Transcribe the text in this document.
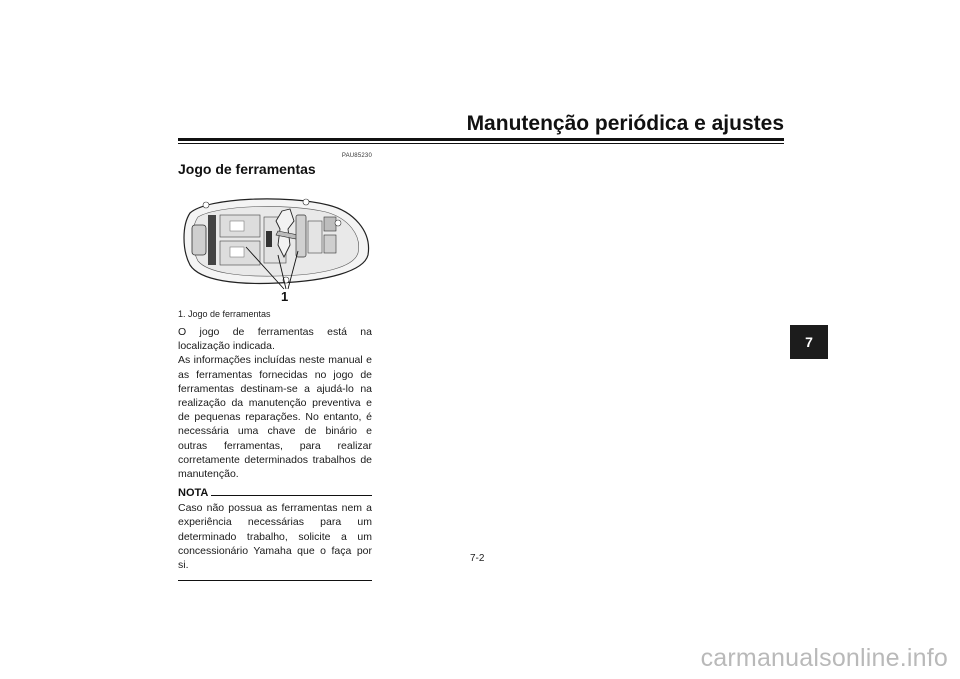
Manutenção periódica e ajustes
7
PAU85230
Jogo de ferramentas
1
1. Jogo de ferramentas

O jogo de ferramentas está na localização indicada.

As informações incluídas neste manual e as ferramentas fornecidas no jogo de ferramentas destinam-se a ajudá-lo na realização da manutenção preventiva e de pequenas reparações. No entanto, é necessária uma chave de binário e outras ferramentas, para realizar corretamente determinados trabalhos de manutenção.

NOTA
Caso não possua as ferramentas nem a experiência necessárias para um determinado trabalho, solicite a um concessionário Yamaha que o faça por si.
7-2
carmanualsonline.info
